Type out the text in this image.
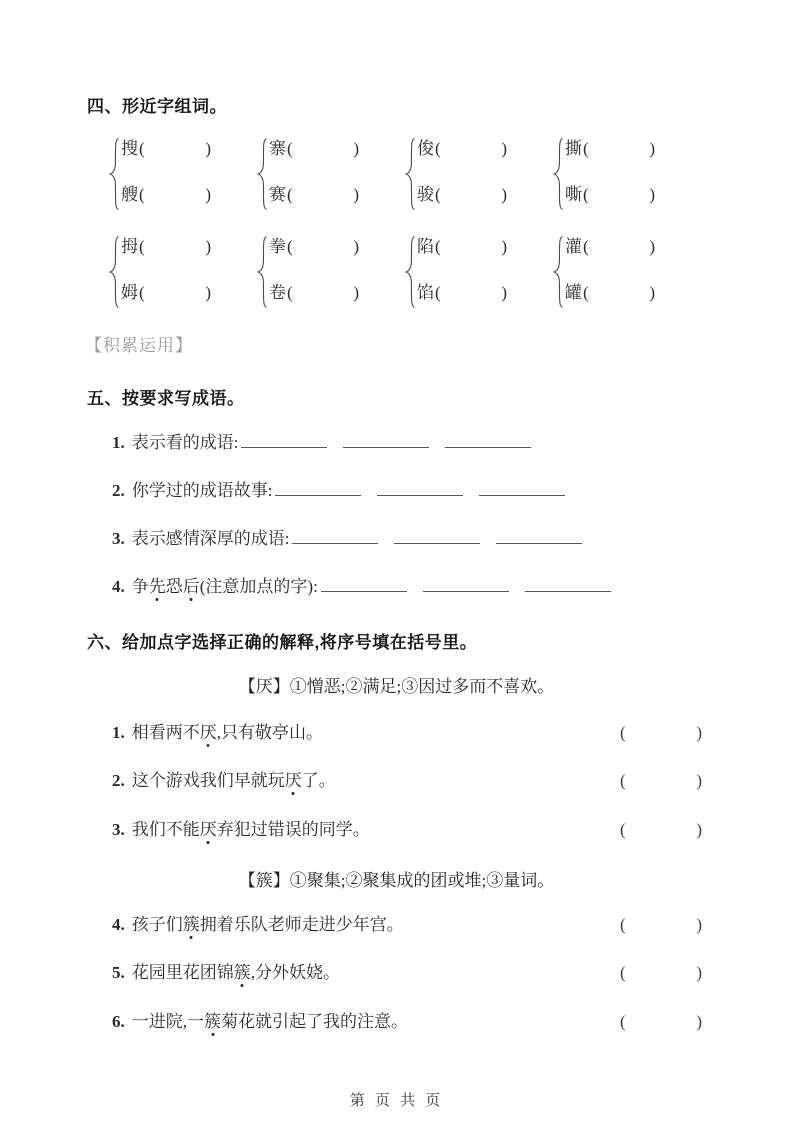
四、形近字组词。
搜 (	)
艘 (	)
寨 (	)
赛 (	)
俊 (	)
骏 (	)
撕 (	)
嘶 (	)
拇 (	)
姆 (	)
拳 (	)
卷 (	)
陷 (	)
馅 (	)
灌 (	)
罐 (	)
【积累运用】
五、按要求写成语。
1. 表示看的成语:
2. 你学过的成语故事:
3. 表示感情深厚的成语:
4. 争先恐后(注意加点的字):
六、给加点字选择正确的解释,将序号填在括号里。
【厌】①憎恶;②满足;③因过多而不喜欢。
1. 相看两不厌,只有敬亭山。	(	)
2. 这个游戏我们早就玩厌了。	(	)
3. 我们不能厌弃犯过错误的同学。	(	)
【簇】①聚集;②聚集成的团或堆;③量词。
4. 孩子们簇拥着乐队老师走进少年宫。	(	)
5. 花园里花团锦簇,分外妖娆。	(	)
6. 一进院,一簇菊花就引起了我的注意。	(	)
第 页 共 页
